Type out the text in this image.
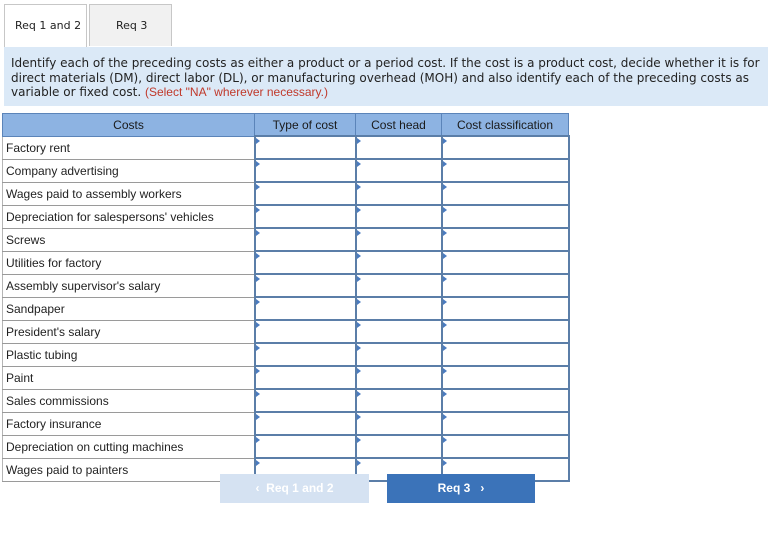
Req 1 and 2	Req 3
Identify each of the preceding costs as either a product or a period cost. If the cost is a product cost, decide whether it is for direct materials (DM), direct labor (DL), or manufacturing overhead (MOH) and also identify each of the preceding costs as variable or fixed cost. (Select "NA" wherever necessary.)
Costs	Type of cost	Cost head	Cost classification
Factory rent	

Company advertising	

Wages paid to assembly workers	

Depreciation for salespersons' vehicles	

Screws	

Utilities for factory	

Assembly supervisor's salary	

Sandpaper	

President's salary	

Plastic tubing	

Paint	

Sales commissions	

Factory insurance	

Depreciation on cutting machines	

Wages paid to painters	

‹ Req 1 and 2	Req 3 ›
